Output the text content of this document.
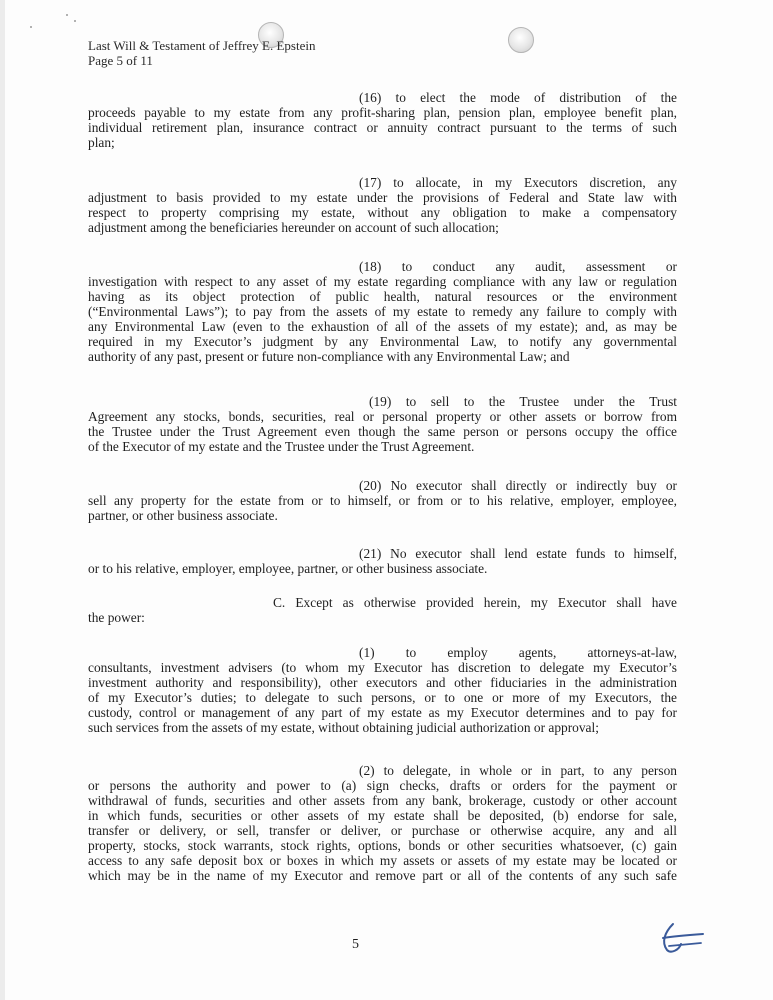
Last Will & Testament of Jeffrey E. Epstein
Page 5 of 11
(16) to elect the mode of distribution of the
proceeds payable to my estate from any profit-sharing plan, pension plan, employee benefit plan,
individual retirement plan, insurance contract or annuity contract pursuant to the terms of such
plan;
(17) to allocate, in my Executors discretion, any
adjustment to basis provided to my estate under the provisions of Federal and State law with
respect to property comprising my estate, without any obligation to make a compensatory
adjustment among the beneficiaries hereunder on account of such allocation;
(18) to conduct any audit, assessment or
investigation with respect to any asset of my estate regarding compliance with any law or regulation
having as its object protection of public health, natural resources or the environment
(“Environmental Laws”); to pay from the assets of my estate to remedy any failure to comply with
any Environmental Law (even to the exhaustion of all of the assets of my estate); and, as may be
required in my Executor’s judgment by any Environmental Law, to notify any governmental
authority of any past, present or future non-compliance with any Environmental Law; and
(19) to sell to the Trustee under the Trust
Agreement any stocks, bonds, securities, real or personal property or other assets or borrow from
the Trustee under the Trust Agreement even though the same person or persons occupy the office
of the Executor of my estate and the Trustee under the Trust Agreement.
(20) No executor shall directly or indirectly buy or
sell any property for the estate from or to himself, or from or to his relative, employer, employee,
partner, or other business associate.
(21) No executor shall lend estate funds to himself,
or to his relative, employer, employee, partner, or other business associate.
C. Except as otherwise provided herein, my Executor shall have
the power:
(1) to employ agents, attorneys-at-law,
consultants, investment advisers (to whom my Executor has discretion to delegate my Executor’s
investment authority and responsibility), other executors and other fiduciaries in the administration
of my Executor’s duties; to delegate to such persons, or to one or more of my Executors, the
custody, control or management of any part of my estate as my Executor determines and to pay for
such services from the assets of my estate, without obtaining judicial authorization or approval;
(2) to delegate, in whole or in part, to any person
or persons the authority and power to (a) sign checks, drafts or orders for the payment or
withdrawal of funds, securities and other assets from any bank, brokerage, custody or other account
in which funds, securities or other assets of my estate shall be deposited, (b) endorse for sale,
transfer or delivery, or sell, transfer or deliver, or purchase or otherwise acquire, any and all
property, stocks, stock warrants, stock rights, options, bonds or other securities whatsoever, (c) gain
access to any safe deposit box or boxes in which my assets or assets of my estate may be located or
which may be in the name of my Executor and remove part or all of the contents of any such safe
5
